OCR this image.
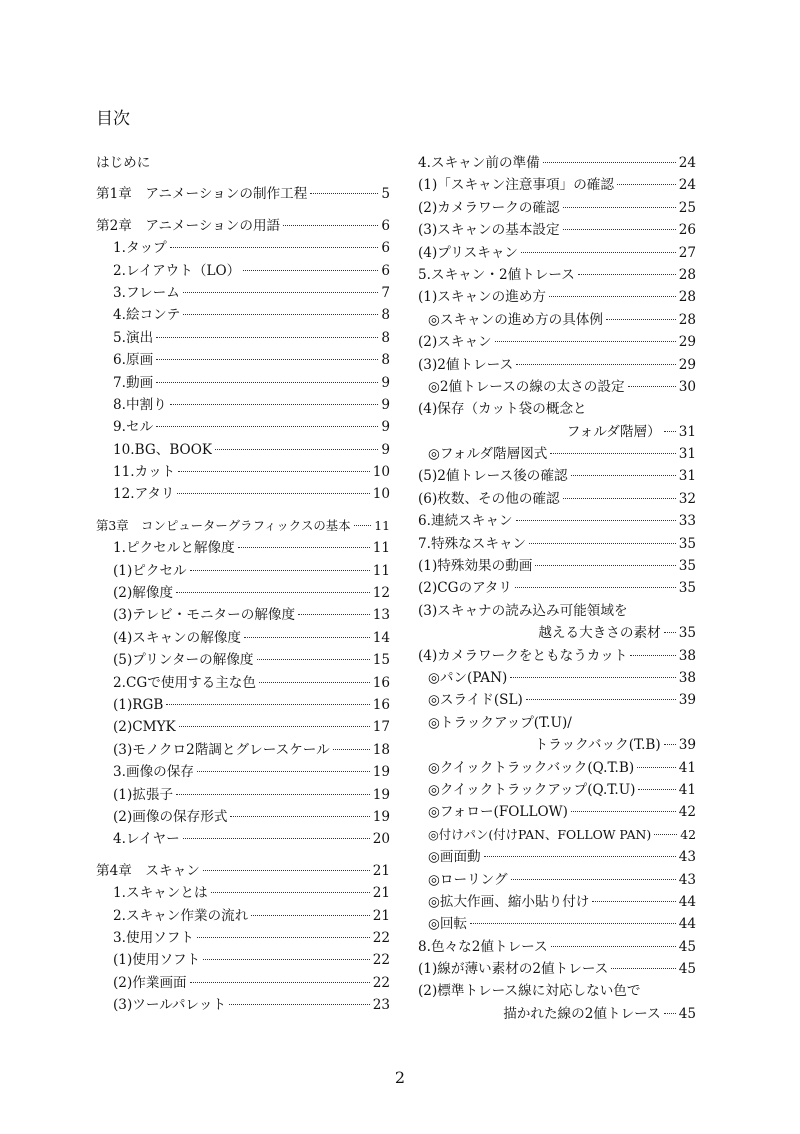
目次
はじめに
第1章　アニメーションの制作工程	5
第2章　アニメーションの用語	6
1.タップ	6
2.レイアウト（LO）	6
3.フレーム	7
4.絵コンテ	8
5.演出	8
6.原画	8
7.動画	9
8.中割り	9
9.セル	9
10.BG、BOOK	9
11.カット	10
12.アタリ	10
第3章　コンピューターグラフィックスの基本 11
1.ピクセルと解像度	11
(1)ピクセル	11
(2)解像度	12
(3)テレビ・モニターの解像度	13
(4)スキャンの解像度	14
(5)プリンターの解像度	15
2.CGで使用する主な色	16
(1)RGB	16
(2)CMYK	17
(3)モノクロ2階調とグレースケール	18
3.画像の保存	19
(1)拡張子	19
(2)画像の保存形式	19
4.レイヤー	20
第4章　スキャン	21
1.スキャンとは	21
2.スキャン作業の流れ	21
3.使用ソフト	22
(1)使用ソフト	22
(2)作業画面	22
(3)ツールパレット	23
4.スキャン前の準備	24
(1)「スキャン注意事項」の確認	24
(2)カメラワークの確認	25
(3)スキャンの基本設定	26
(4)プリスキャン	27
5.スキャン・2値トレース	28
(1)スキャンの進め方	28
◎スキャンの進め方の具体例	28
(2)スキャン	29
(3)2値トレース	29
◎2値トレースの線の太さの設定	30
(4)保存（カット袋の概念と
フォルダ階層） 31
◎フォルダ階層図式	31
(5)2値トレース後の確認	31
(6)枚数、その他の確認	32
6.連続スキャン	33
7.特殊なスキャン	35
(1)特殊効果の動画	35
(2)CGのアタリ	35
(3)スキャナの読み込み可能領域を
越える大きさの素材 35
(4)カメラワークをともなうカット	38
◎パン(PAN)	38
◎スライド(SL)	39
◎トラックアップ(T.U)/
トラックバック(T.B) 39
◎クイックトラックバック(Q.T.B)	41
◎クイックトラックアップ(Q.T.U)	41
◎フォロー(FOLLOW)	42
◎付けパン(付けPAN、FOLLOW PAN) 42
◎画面動	43
◎ローリング	43
◎拡大作画、縮小貼り付け	44
◎回転	44
8.色々な2値トレース	45
(1)線が薄い素材の2値トレース	45
(2)標準トレース線に対応しない色で
描かれた線の2値トレース 45
2
